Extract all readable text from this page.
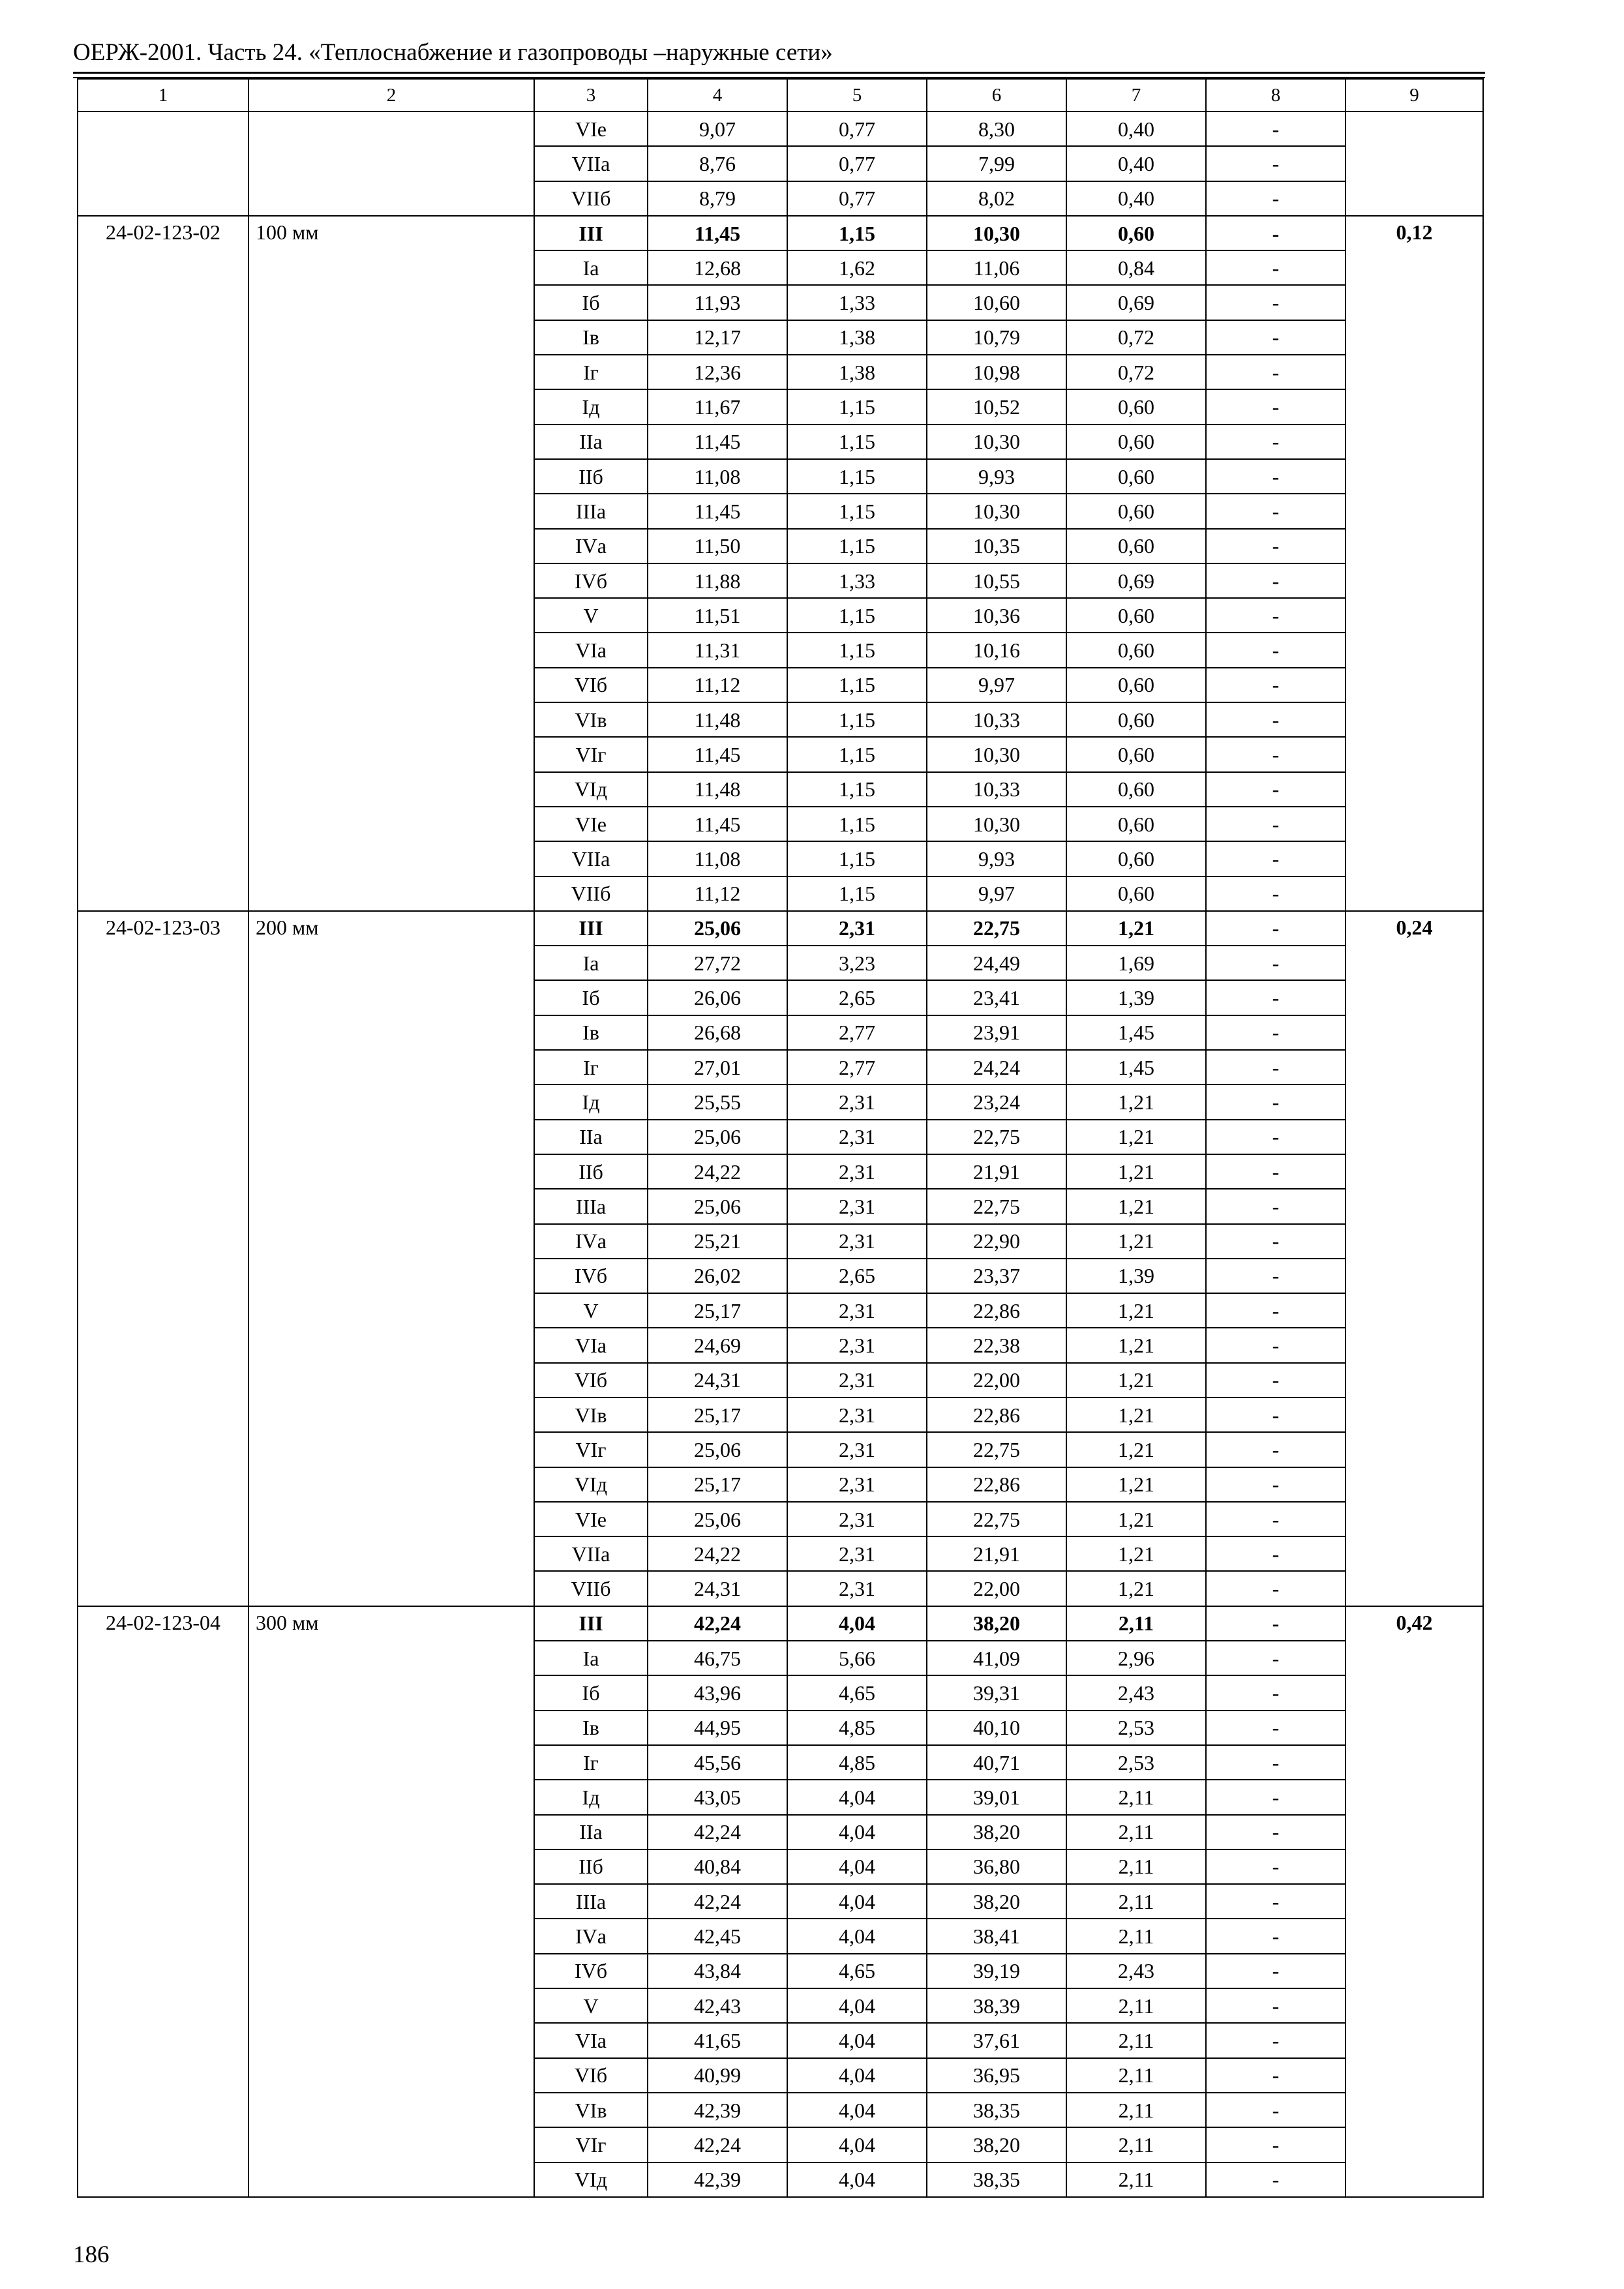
ОЕРЖ-2001. Часть 24. «Теплоснабжение и газопроводы –наружные сети»
1	2	3	4	5	6	7	8	9
		VIе	9,07	0,77	8,30	0,40	-	
		VIIа	8,76	0,77	7,99	0,40	-	
		VIIб	8,79	0,77	8,02	0,40	-	
24-02-123-02	100 мм	III	11,45	1,15	10,30	0,60	-	0,12
		Iа	12,68	1,62	11,06	0,84	-	
		Iб	11,93	1,33	10,60	0,69	-	
		Iв	12,17	1,38	10,79	0,72	-	
		Iг	12,36	1,38	10,98	0,72	-	
		Iд	11,67	1,15	10,52	0,60	-	
		IIа	11,45	1,15	10,30	0,60	-	
		IIб	11,08	1,15	9,93	0,60	-	
		IIIа	11,45	1,15	10,30	0,60	-	
		IVа	11,50	1,15	10,35	0,60	-	
		IVб	11,88	1,33	10,55	0,69	-	
		V	11,51	1,15	10,36	0,60	-	
		VIа	11,31	1,15	10,16	0,60	-	
		VIб	11,12	1,15	9,97	0,60	-	
		VIв	11,48	1,15	10,33	0,60	-	
		VIг	11,45	1,15	10,30	0,60	-	
		VIд	11,48	1,15	10,33	0,60	-	
		VIе	11,45	1,15	10,30	0,60	-	
		VIIа	11,08	1,15	9,93	0,60	-	
		VIIб	11,12	1,15	9,97	0,60	-	
24-02-123-03	200 мм	III	25,06	2,31	22,75	1,21	-	0,24
		Iа	27,72	3,23	24,49	1,69	-	
		Iб	26,06	2,65	23,41	1,39	-	
		Iв	26,68	2,77	23,91	1,45	-	
		Iг	27,01	2,77	24,24	1,45	-	
		Iд	25,55	2,31	23,24	1,21	-	
		IIа	25,06	2,31	22,75	1,21	-	
		IIб	24,22	2,31	21,91	1,21	-	
		IIIа	25,06	2,31	22,75	1,21	-	
		IVа	25,21	2,31	22,90	1,21	-	
		IVб	26,02	2,65	23,37	1,39	-	
		V	25,17	2,31	22,86	1,21	-	
		VIа	24,69	2,31	22,38	1,21	-	
		VIб	24,31	2,31	22,00	1,21	-	
		VIв	25,17	2,31	22,86	1,21	-	
		VIг	25,06	2,31	22,75	1,21	-	
		VIд	25,17	2,31	22,86	1,21	-	
		VIе	25,06	2,31	22,75	1,21	-	
		VIIа	24,22	2,31	21,91	1,21	-	
		VIIб	24,31	2,31	22,00	1,21	-	
24-02-123-04	300 мм	III	42,24	4,04	38,20	2,11	-	0,42
		Iа	46,75	5,66	41,09	2,96	-	
		Iб	43,96	4,65	39,31	2,43	-	
		Iв	44,95	4,85	40,10	2,53	-	
		Iг	45,56	4,85	40,71	2,53	-	
		Iд	43,05	4,04	39,01	2,11	-	
		IIа	42,24	4,04	38,20	2,11	-	
		IIб	40,84	4,04	36,80	2,11	-	
		IIIа	42,24	4,04	38,20	2,11	-	
		IVа	42,45	4,04	38,41	2,11	-	
		IVб	43,84	4,65	39,19	2,43	-	
		V	42,43	4,04	38,39	2,11	-	
		VIа	41,65	4,04	37,61	2,11	-	
		VIб	40,99	4,04	36,95	2,11	-	
		VIв	42,39	4,04	38,35	2,11	-	
		VIг	42,24	4,04	38,20	2,11	-	
		VIд	42,39	4,04	38,35	2,11	-	
186
